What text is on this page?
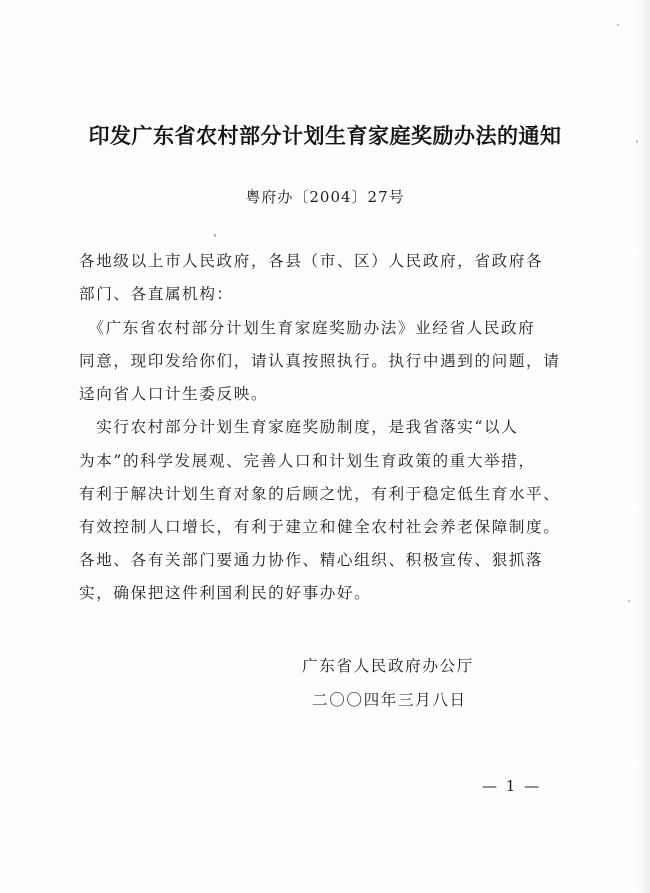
印发广东省农村部分计划生育家庭奖励办法的通知
粤府办〔2004〕27号
各地级以上市人民政府，各县（市、区）人民政府，省政府各
部门、各直属机构：
　《广东省农村部分计划生育家庭奖励办法》业经省人民政府
同意，现印发给你们，请认真按照执行。执行中遇到的问题，请
迳向省人口计生委反映。
　实行农村部分计划生育家庭奖励制度，是我省落实“以人
为本”的科学发展观、完善人口和计划生育政策的重大举措，
有利于解决计划生育对象的后顾之忧，有利于稳定低生育水平、
有效控制人口增长，有利于建立和健全农村社会养老保障制度。
各地、各有关部门要通力协作、精心组织、积极宣传、狠抓落
实，确保把这件利国利民的好事办好。
广东省人民政府办公厅
二〇〇四年三月八日
— 1 —
